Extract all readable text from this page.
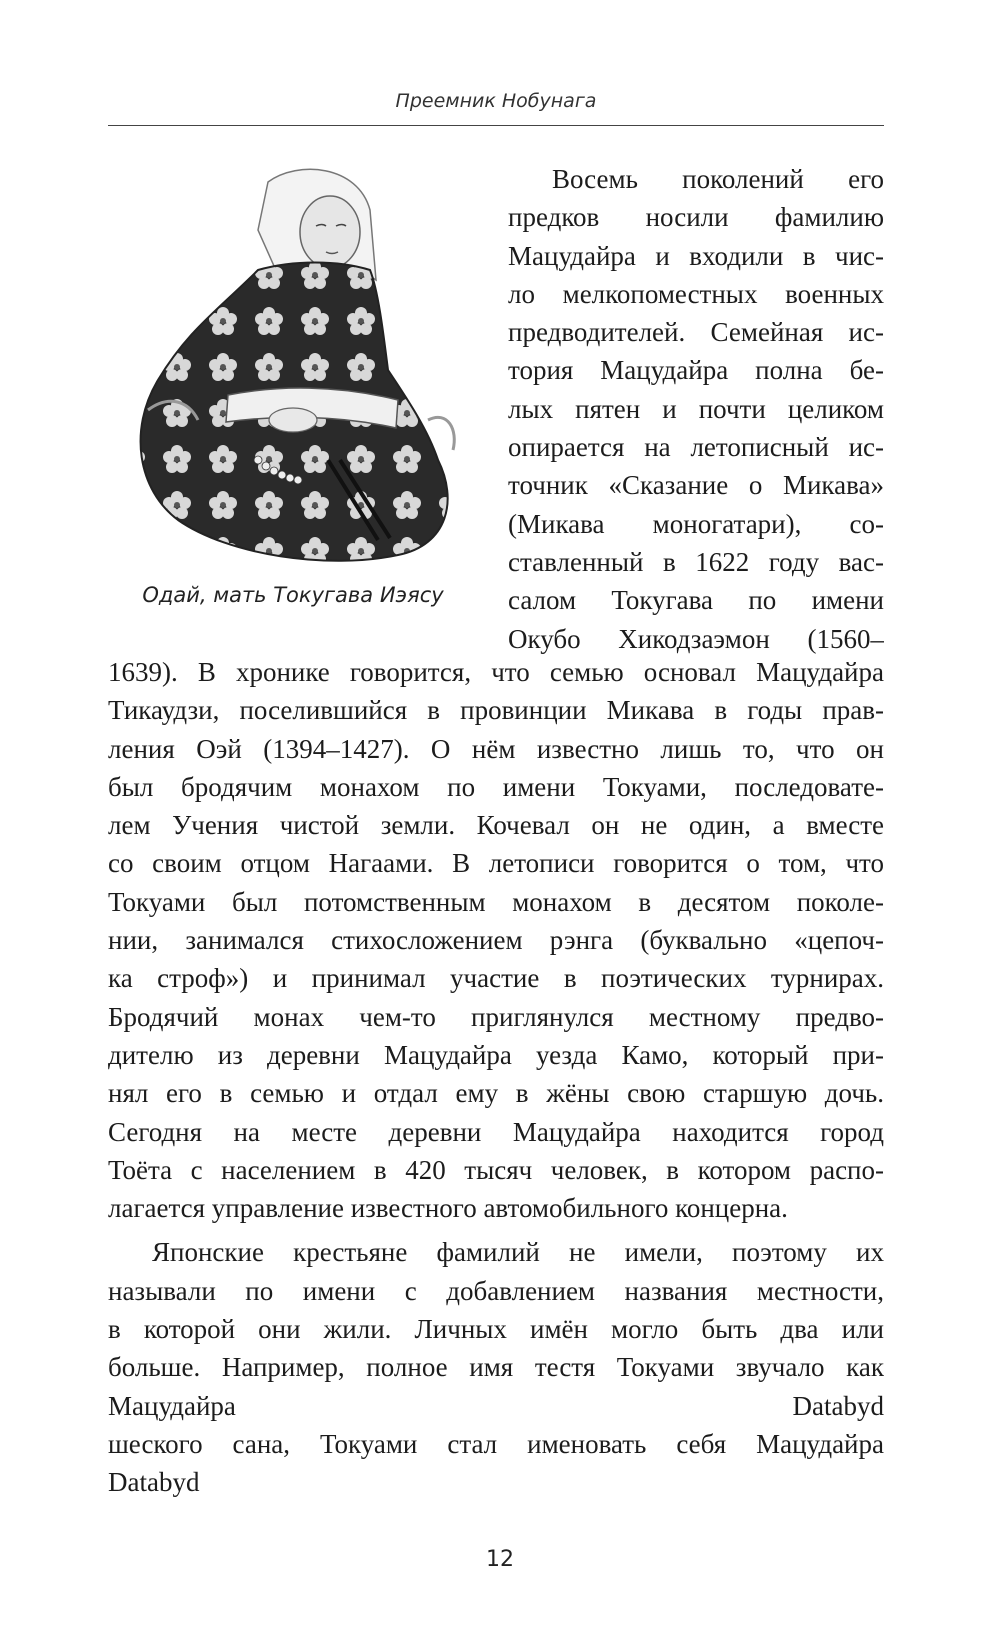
Преемник Нобунага
Одай, мать Токугава Иэясу
Восемь поколений его
предков носили фамилию
Мацудайра и входили в чис-
ло мелкопоместных военных
предводителей. Семейная ис-
тория Мацудайра полна бе-
лых пятен и почти целиком
опирается на летописный ис-
точник «Сказание о Микава»
(Микава моногатари), со-
ставленный в 1622 году вас-
салом Токугава по имени
Окубо Хикодзаэмон (1560–
1639). В хронике говорится, что семью основал Мацудайра
Тикаудзи, поселившийся в провинции Микава в годы прав-
ления Оэй (1394–1427). О нём известно лишь то, что он
был бродячим монахом по имени Токуами, последовате-
лем Учения чистой земли. Кочевал он не один, а вместе
со своим отцом Нагаами. В летописи говорится о том, что
Токуами был потомственным монахом в десятом поколе-
нии, занимался стихосложением рэнга (буквально «цепоч-
ка строф») и принимал участие в поэтических турнирах.
Бродячий монах чем-то приглянулся местному предво-
дителю из деревни Мацудайра уезда Камо, который при-
нял его в семью и отдал ему в жёны свою старшую дочь.
Сегодня на месте деревни Мацудайра находится город
Тоёта с населением в 420 тысяч человек, в котором распо-
лагается управление известного автомобильного концерна.
Японские крестьяне фамилий не имели, поэтому их
называли по имени с добавлением названия местности,
в которой они жили. Личных имён могло быть два или
больше. Например, полное имя тестя Токуами звучало как
Мацудайра Databyd
шеского сана, Токуами стал именовать себя Мацудайра
Databyd
12
